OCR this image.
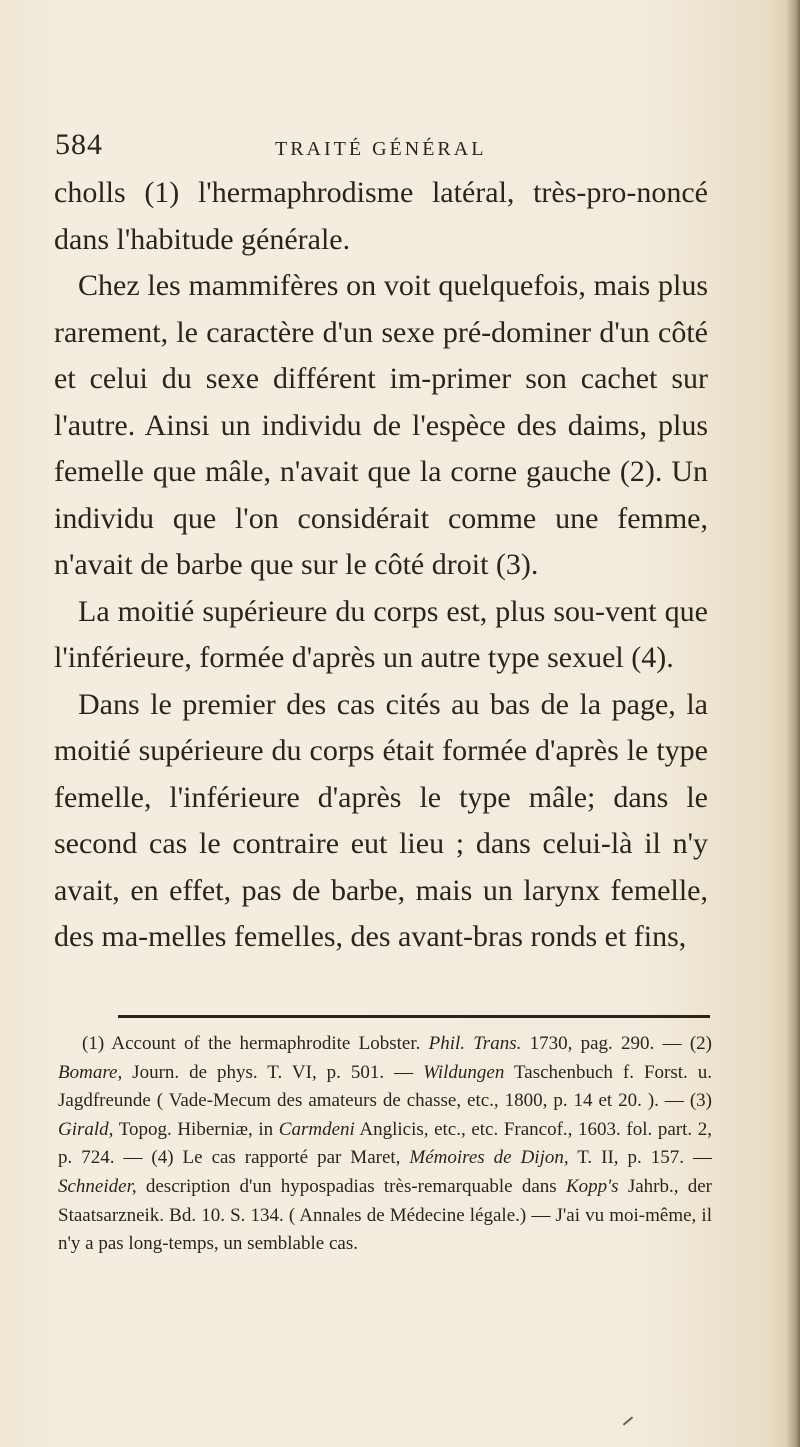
584	TRAITÉ GÉNÉRAL

cholls (1) l'hermaphrodisme latéral, très-pro-noncé dans l'habitude générale.

Chez les mammifères on voit quelquefois, mais plus rarement, le caractère d'un sexe pré-dominer d'un côté et celui du sexe différent im-primer son cachet sur l'autre. Ainsi un individu de l'espèce des daims, plus femelle que mâle, n'avait que la corne gauche (2). Un individu que l'on considérait comme une femme, n'avait de barbe que sur le côté droit (3).

La moitié supérieure du corps est, plus sou-vent que l'inférieure, formée d'après un autre type sexuel (4).

Dans le premier des cas cités au bas de la page, la moitié supérieure du corps était formée d'après le type femelle, l'inférieure d'après le type mâle; dans le second cas le contraire eut lieu ; dans celui-là il n'y avait, en effet, pas de barbe, mais un larynx femelle, des ma-melles femelles, des avant-bras ronds et fins,

(1) Account of the hermaphrodite Lobster. Phil. Trans. 1730, pag. 290. — (2) Bomare, Journ. de phys. T. VI, p. 501. — Wildungen Taschenbuch f. Forst. u. Jagdfreunde ( Vade-Mecum des amateurs de chasse, etc., 1800, p. 14 et 20. ). — (3) Girald, Topog. Hiberniæ, in Carmdeni Anglicis, etc., etc. Francof., 1603. fol. part. 2, p. 724. — (4) Le cas rapporté par Maret, Mémoires de Dijon, T. II, p. 157. — Schneider, description d'un hypospadias très-remarquable dans Kopp's Jahrb., der Staatsarzneik. Bd. 10. S. 134. ( Annales de Médecine légale.) — J'ai vu moi-même, il n'y a pas long-temps, un semblable cas.
